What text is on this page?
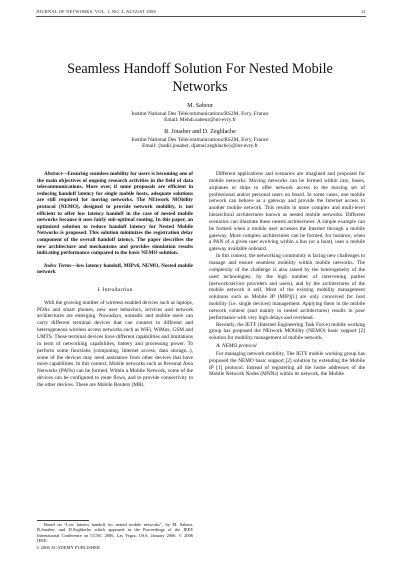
JOURNAL OF NETWORKS, VOL. 1, NO. 4, AUGUST 2006	21
Seamless Handoff Solution For Nested Mobile
Networks
M. Sabeur
Institut National Des Télécommunications/RS2M, Evry, France
Email: Mehdi.sabeur@int-evry.fr
B. Jouaber and D. Zeghlache
Institut National Des Télécommunications/RS2M, Evry, France
Email: {badii.jouaber, djamal.zeghlache}@int-evry.fr

Abstract—Ensuring seamless mobility for users is becoming one of the main objectives of ongoing research activities in the field of data telecommunications. More over, if some proposals are efficient in reducing handoff latency for single mobile hosts, adequate solutions are still required for moving networks. The NEtwork MObility protocol (NEMO), designed to provide network mobility, is not efficient to offer low latency handoff in the case of nested mobile networks because it uses fairly sub-optimal routing. In this paper, an optimized solution to reduce handoff latency for Nested Mobile Networks is proposed. This solution minimizes the registration delay component of the overall handoff latency. The paper describes the new architecture and mechanisms and provides simulation results indicating performance compared to the basic NEMO solution.

Index Terms—low latency handoff, MIPv6, NEMO, Nested mobile network

I. Introduction

With the growing number of wireless enabled devices such as laptops, PDAs and smart phones, new user behaviors, services and network architectures are emerging. Nowadays, nomadic and mobile users can carry different terminal devices that can connect to different and heterogeneous wireless access networks such as WiFi, WiMax, GSM and UMTS. These terminal devices have different capabilities and limitations in term of networking capabilities, battery and processing power. To perform some functions (computing, Internet access, data storage...), some of the devices may need assistance from other devices that have more capabilities. In this context, Mobile networks such as Personal Area Networks (PANs) can be formed. Within a Mobile Network, some of the devices can be configured to route flows, and to provide connectivity to the other devices. These are Mobile Routers (MR).

Different applications and scenarios are imagined and proposed for mobile networks. Moving networks can be formed within cars, buses, airplanes or ships to offer network access to the moving set of professional and/or personal users on board. In some cases, one mobile network can behave as a gateway and provide the Internet access to another mobile network. This results in more complex and multi-level hierarchical architectures known as nested mobile networks. Different scenarios can illustrate these nested architectures. A simple example can be formed when a mobile user accesses the Internet through a mobile gateway. More complex architectures can be formed, for instance, when a PAN of a given user evolving within a bus (or a boat), uses a mobile gateway available onboard.

In this context, the networking community is facing new challenges to manage and ensure seamless mobility within mobile networks. The complexity of the challenge is also raised by the heterogeneity of the used technologies, by the high number of intervening parties (network/service providers and users), and by the architectures of the mobile network it self. Most of the existing mobility management solutions such as Mobile IP (MIP)[1] are only conceived for host mobility (i.e. single devices) management. Applying them in the mobile network context (and mainly in nested architectures) results in poor performance with very high delays and overhead.

Recently, the IETF (Internet Engineering Task Force) mobile working group has proposed the NEtwork MObility (NEMO) basic support [2] solution for mobility management of mobile network.

A. NEMO protocol

For managing network mobility, The IETF mobile working group has proposed the NEMO basic support [2] solution by extending the Mobile IP [1] protocol. Instead of registering all the home addresses of the Mobile Network Nodes (MNNs) within its network, the Mobile

Based on “Low latency handoff for nested mobile networks”, by M. Sabeur, B.Jouaber, and D.Zeghlache which appeared in the Proceedings of the IEEE International Conference on CCNC 2006, Las Vegas, USA, January 2006. © 2006 IEEE.
© 2006 ACADEMY PUBLISHER
